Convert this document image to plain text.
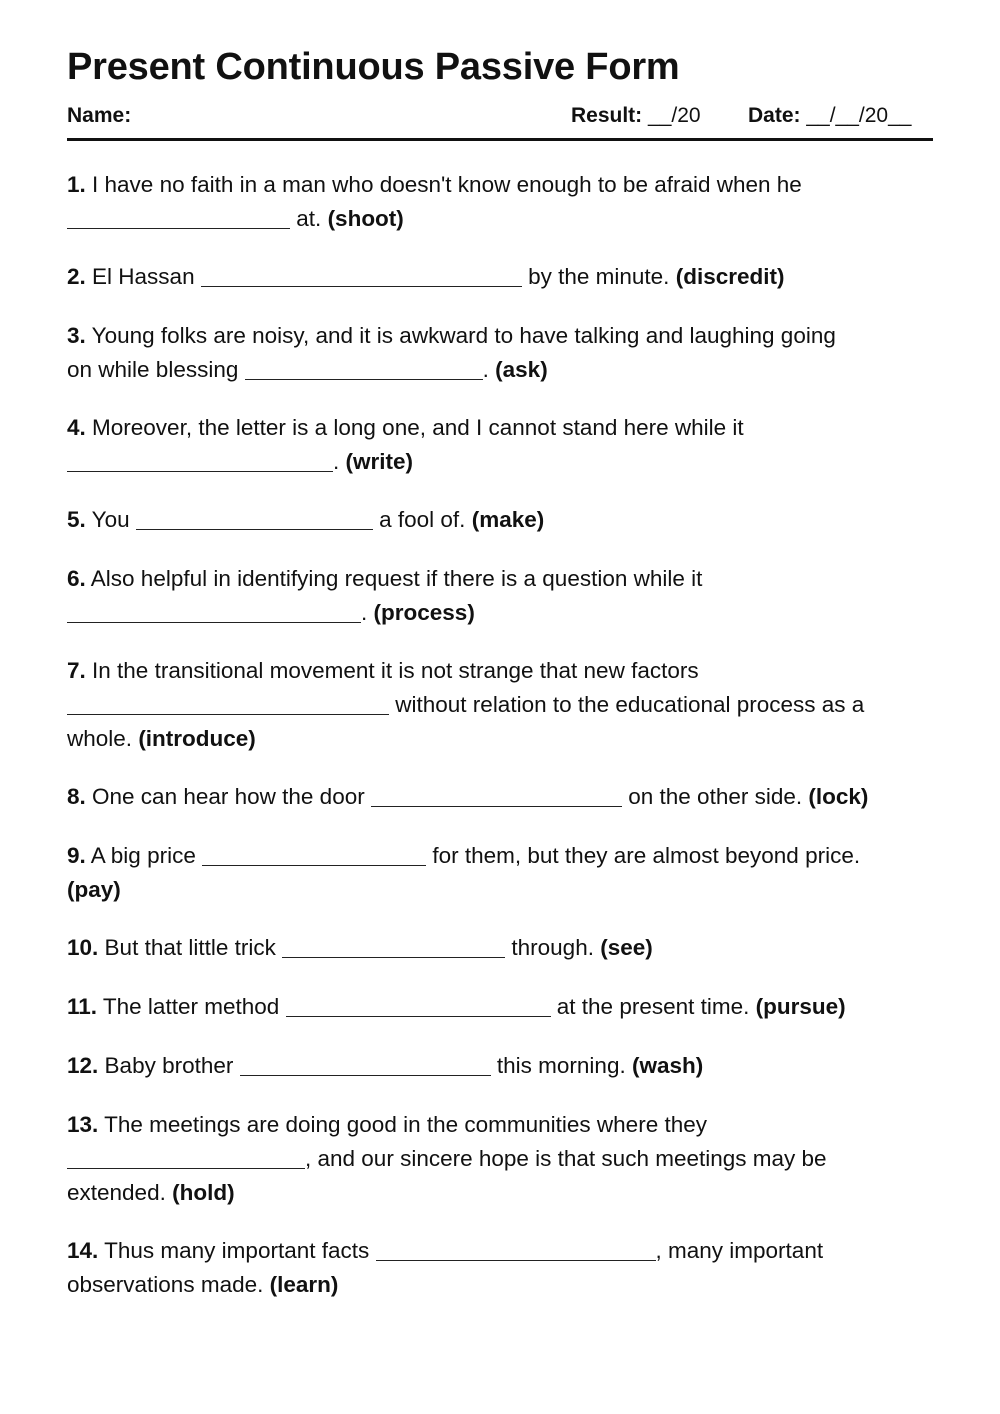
Present Continuous Passive Form
Name:	Result: __/20 Date: __/__/20__
1. I have no faith in a man who doesn't know enough to be afraid when he
at. (shoot)
2. El Hassan	by the minute. (discredit)
3. Young folks are noisy, and it is awkward to have talking and laughing going
on while blessing	. (ask)
4. Moreover, the letter is a long one, and I cannot stand here while it
. (write)
5. You	a fool of. (make)
6. Also helpful in identifying request if there is a question while it
. (process)
7. In the transitional movement it is not strange that new factors
without relation to the educational process as a
whole. (introduce)
8. One can hear how the door	on the other side. (lock)
9. A big price	for them, but they are almost beyond price.
(pay)
10. But that little trick	through. (see)
11. The latter method	at the present time. (pursue)
12. Baby brother	this morning. (wash)
13. The meetings are doing good in the communities where they
, and our sincere hope is that such meetings may be
extended. (hold)
14. Thus many important facts	, many important
observations made. (learn)
